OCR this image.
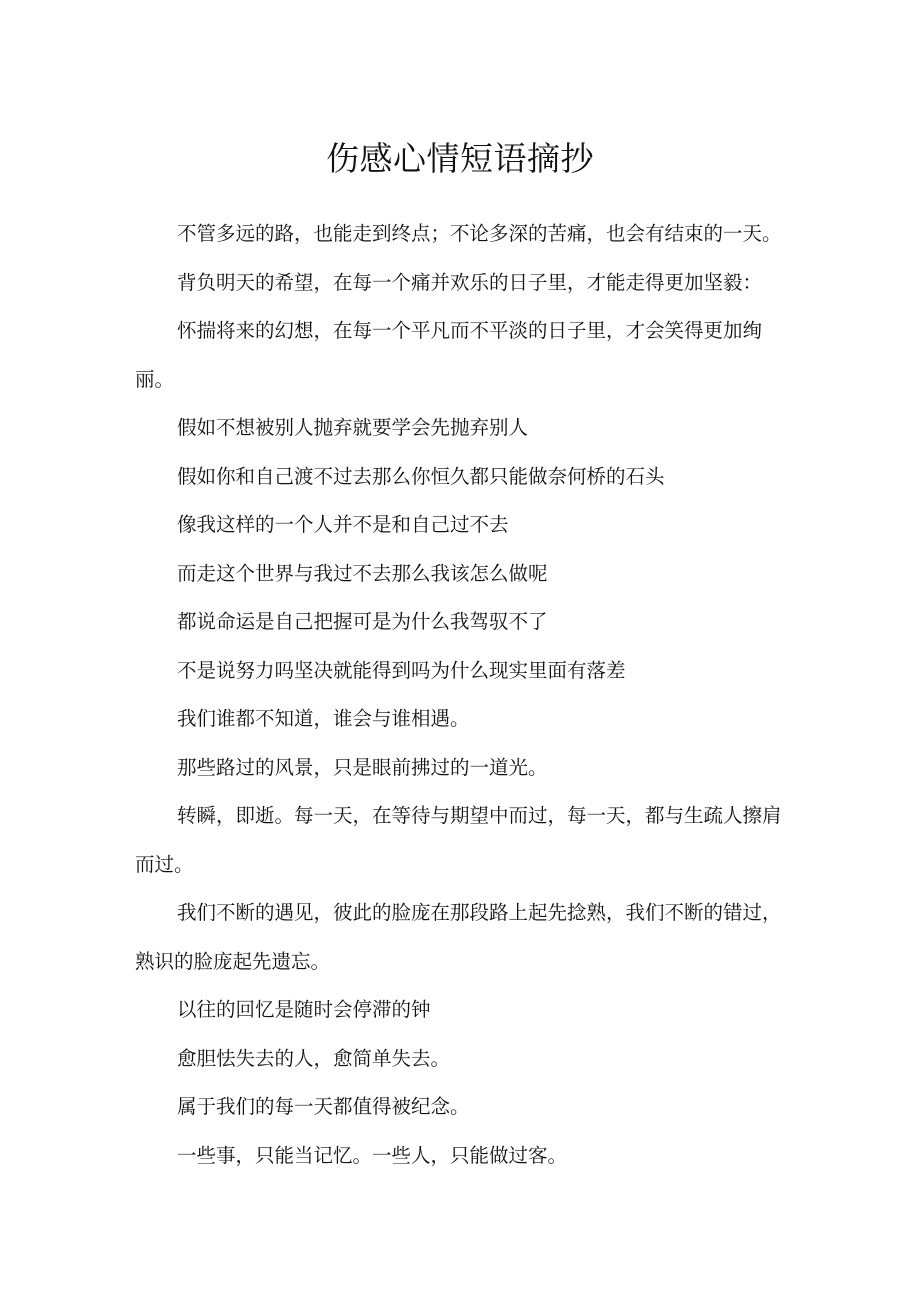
伤感心情短语摘抄

不管多远的路，也能走到终点；不论多深的苦痛，也会有结束的一天。

背负明天的希望，在每一个痛并欢乐的日子里，才能走得更加坚毅：

怀揣将来的幻想，在每一个平凡而不平淡的日子里，才会笑得更加绚丽。

假如不想被别人抛弃就要学会先抛弃别人

假如你和自己渡不过去那么你恒久都只能做奈何桥的石头

像我这样的一个人并不是和自己过不去

而走这个世界与我过不去那么我该怎么做呢

都说命运是自己把握可是为什么我驾驭不了

不是说努力吗坚决就能得到吗为什么现实里面有落差

我们谁都不知道，谁会与谁相遇。

那些路过的风景，只是眼前拂过的一道光。

转瞬，即逝。每一天，在等待与期望中而过，每一天，都与生疏人擦肩而过。

我们不断的遇见，彼此的脸庞在那段路上起先捻熟，我们不断的错过，熟识的脸庞起先遗忘。

以往的回忆是随时会停滞的钟

愈胆怯失去的人，愈简单失去。

属于我们的每一天都值得被纪念。

一些事，只能当记忆。一些人，只能做过客。
